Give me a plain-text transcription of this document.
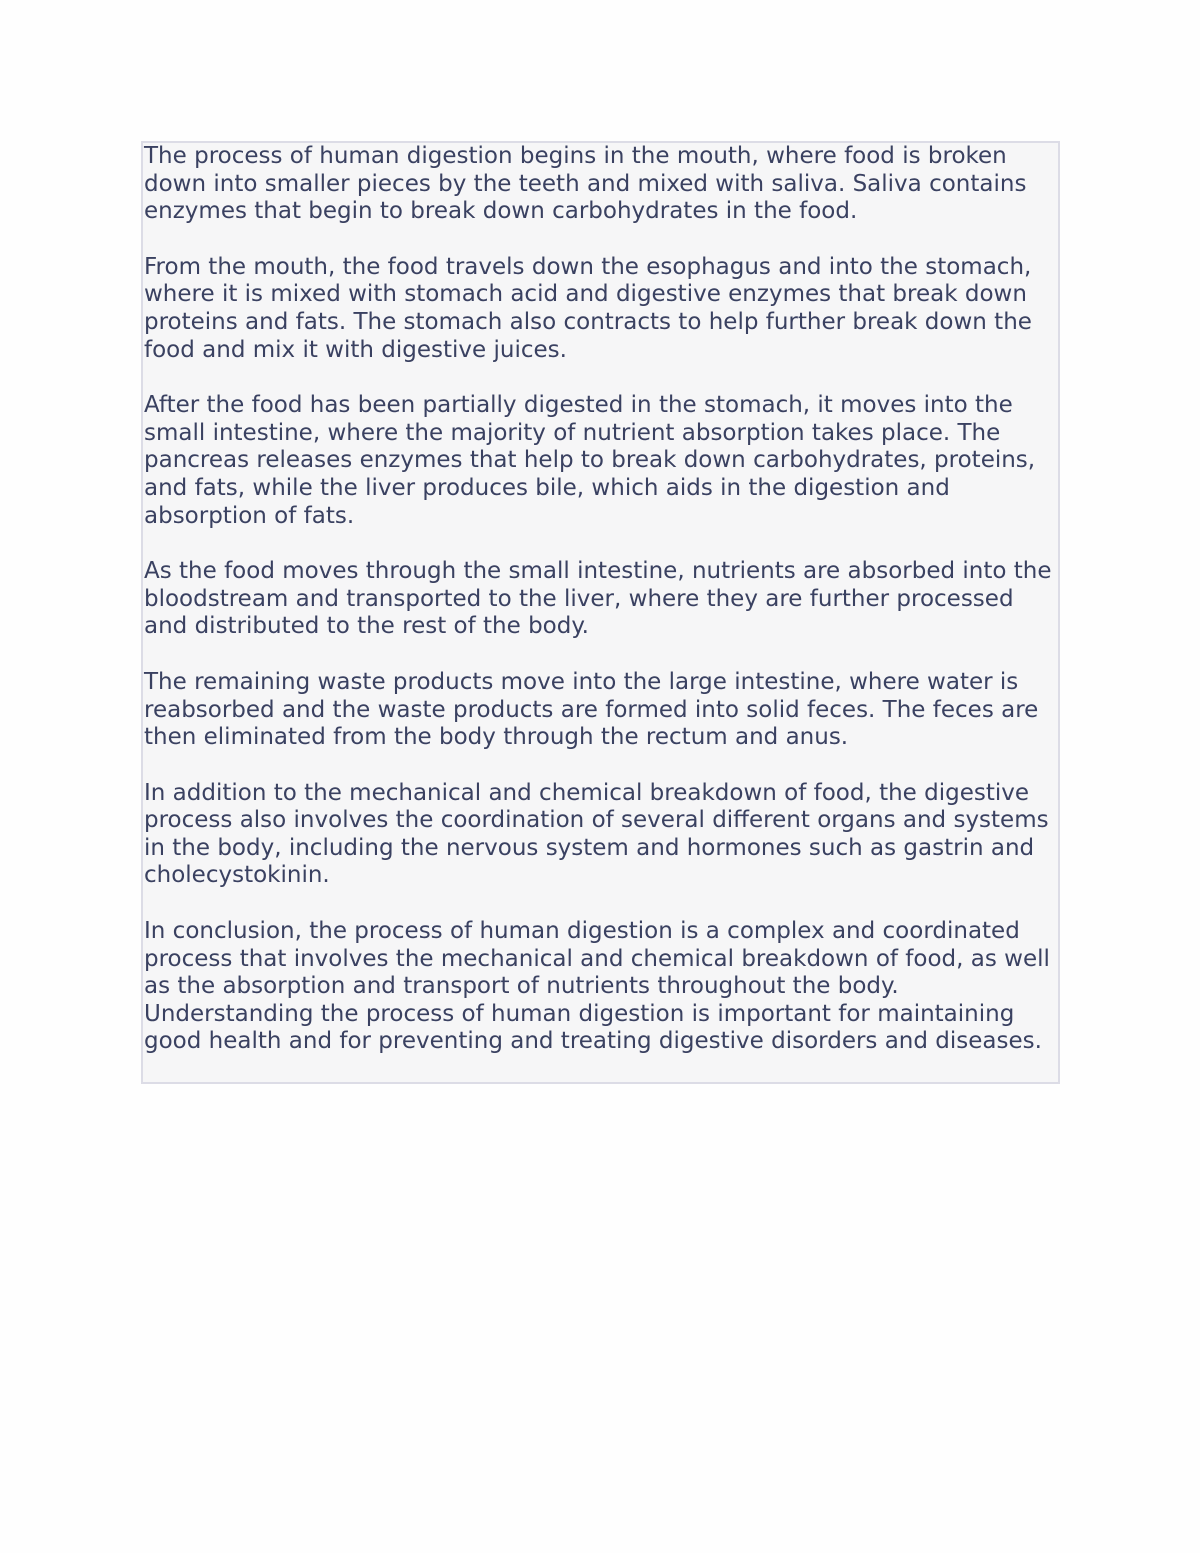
The process of human digestion begins in the mouth, where food is broken down into smaller pieces by the teeth and mixed with saliva. Saliva contains enzymes that begin to break down carbohydrates in the food.

From the mouth, the food travels down the esophagus and into the stomach, where it is mixed with stomach acid and digestive enzymes that break down proteins and fats. The stomach also contracts to help further break down the food and mix it with digestive juices.

After the food has been partially digested in the stomach, it moves into the small intestine, where the majority of nutrient absorption takes place. The pancreas releases enzymes that help to break down carbohydrates, proteins, and fats, while the liver produces bile, which aids in the digestion and absorption of fats.

As the food moves through the small intestine, nutrients are absorbed into the bloodstream and transported to the liver, where they are further processed and distributed to the rest of the body.

The remaining waste products move into the large intestine, where water is reabsorbed and the waste products are formed into solid feces. The feces are then eliminated from the body through the rectum and anus.

In addition to the mechanical and chemical breakdown of food, the digestive process also involves the coordination of several different organs and systems in the body, including the nervous system and hormones such as gastrin and cholecystokinin.

In conclusion, the process of human digestion is a complex and coordinated process that involves the mechanical and chemical breakdown of food, as well as the absorption and transport of nutrients throughout the body. Understanding the process of human digestion is important for maintaining good health and for preventing and treating digestive disorders and diseases.
